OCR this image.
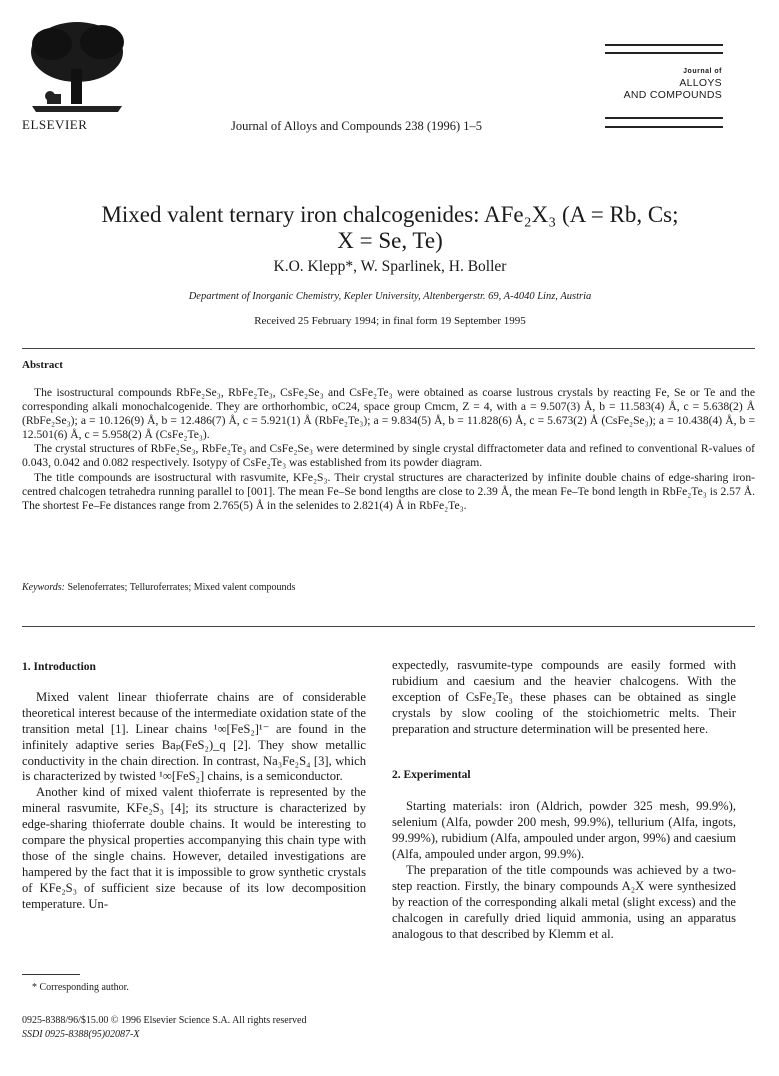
ELSEVIER	Journal of Alloys and Compounds 238 (1996) 1–5
Journal of
ALLOYS
AND COMPOUNDS
Mixed valent ternary iron chalcogenides: AFe₂X₃ (A = Rb, Cs;
X = Se, Te)
K.O. Klepp*, W. Sparlinek, H. Boller
Department of Inorganic Chemistry, Kepler University, Altenbergerstr. 69, A-4040 Linz, Austria
Received 25 February 1994; in final form 19 September 1995
Abstract

The isostructural compounds RbFe₂Se₃, RbFe₂Te₃, CsFe₂Se₃ and CsFe₂Te₃ were obtained as coarse lustrous crystals by reacting Fe, Se or Te and the corresponding alkali monochalcogenide. They are orthorhombic, oC24, space group Cmcm, Z = 4, with a = 9.507(3) Å, b = 11.583(4) Å, c = 5.638(2) Å (RbFe₂Se₃); a = 10.126(9) Å, b = 12.486(7) Å, c = 5.921(1) Å (RbFe₂Te₃); a = 9.834(5) Å, b = 11.828(6) Å, c = 5.673(2) Å (CsFe₂Se₃); a = 10.438(4) Å, b = 12.501(6) Å, c = 5.958(2) Å (CsFe₂Te₃).

The crystal structures of RbFe₂Se₃, RbFe₂Te₃ and CsFe₂Se₃ were determined by single crystal diffractometer data and refined to conventional R-values of 0.043, 0.042 and 0.082 respectively. Isotypy of CsFe₂Te₃ was established from its powder diagram.

The title compounds are isostructural with rasvumite, KFe₂S₃. Their crystal structures are characterized by infinite double chains of edge-sharing iron-centred chalcogen tetrahedra running parallel to [001]. The mean Fe–Se bond lengths are close to 2.39 Å, the mean Fe–Te bond length in RbFe₂Te₃ is 2.57 Å. The shortest Fe–Fe distances range from 2.765(5) Å in the selenides to 2.821(4) Å in RbFe₂Te₃.

Keywords: Selenoferrates; Telluroferrates; Mixed valent compounds
1. Introduction

Mixed valent linear thioferrate chains are of considerable theoretical interest because of the intermediate oxidation state of the transition metal [1]. Linear chains ¹∞[FeS₂]¹⁻ are found in the infinitely adaptive series Baₚ(FeS₂)_q [2]. They show metallic conductivity in the chain direction. In contrast, Na₃Fe₂S₄ [3], which is characterized by twisted ¹∞[FeS₂] chains, is a semiconductor.

Another kind of mixed valent thioferrate is represented by the mineral rasvumite, KFe₂S₃ [4]; its structure is characterized by edge-sharing thioferrate double chains. It would be interesting to compare the physical properties accompanying this chain type with those of the single chains. However, detailed investigations are hampered by the fact that it is impossible to grow synthetic crystals of KFe₂S₃ of sufficient size because of its low decomposition temperature. Un-

* Corresponding author.
0925-8388/96/$15.00 © 1996 Elsevier Science S.A. All rights reserved
SSDI 0925-8388(95)02087-X

expectedly, rasvumite-type compounds are easily formed with rubidium and caesium and the heavier chalcogens. With the exception of CsFe₂Te₃ these phases can be obtained as single crystals by slow cooling of the stoichiometric melts. Their preparation and structure determination will be presented here.

2. Experimental

Starting materials: iron (Aldrich, powder 325 mesh, 99.9%), selenium (Alfa, powder 200 mesh, 99.9%), tellurium (Alfa, ingots, 99.99%), rubidium (Alfa, ampouled under argon, 99%) and caesium (Alfa, ampouled under argon, 99.9%).

The preparation of the title compounds was achieved by a two-step reaction. Firstly, the binary compounds A₂X were synthesized by reaction of the corresponding alkali metal (slight excess) and the chalcogen in carefully dried liquid ammonia, using an apparatus analogous to that described by Klemm et al.
